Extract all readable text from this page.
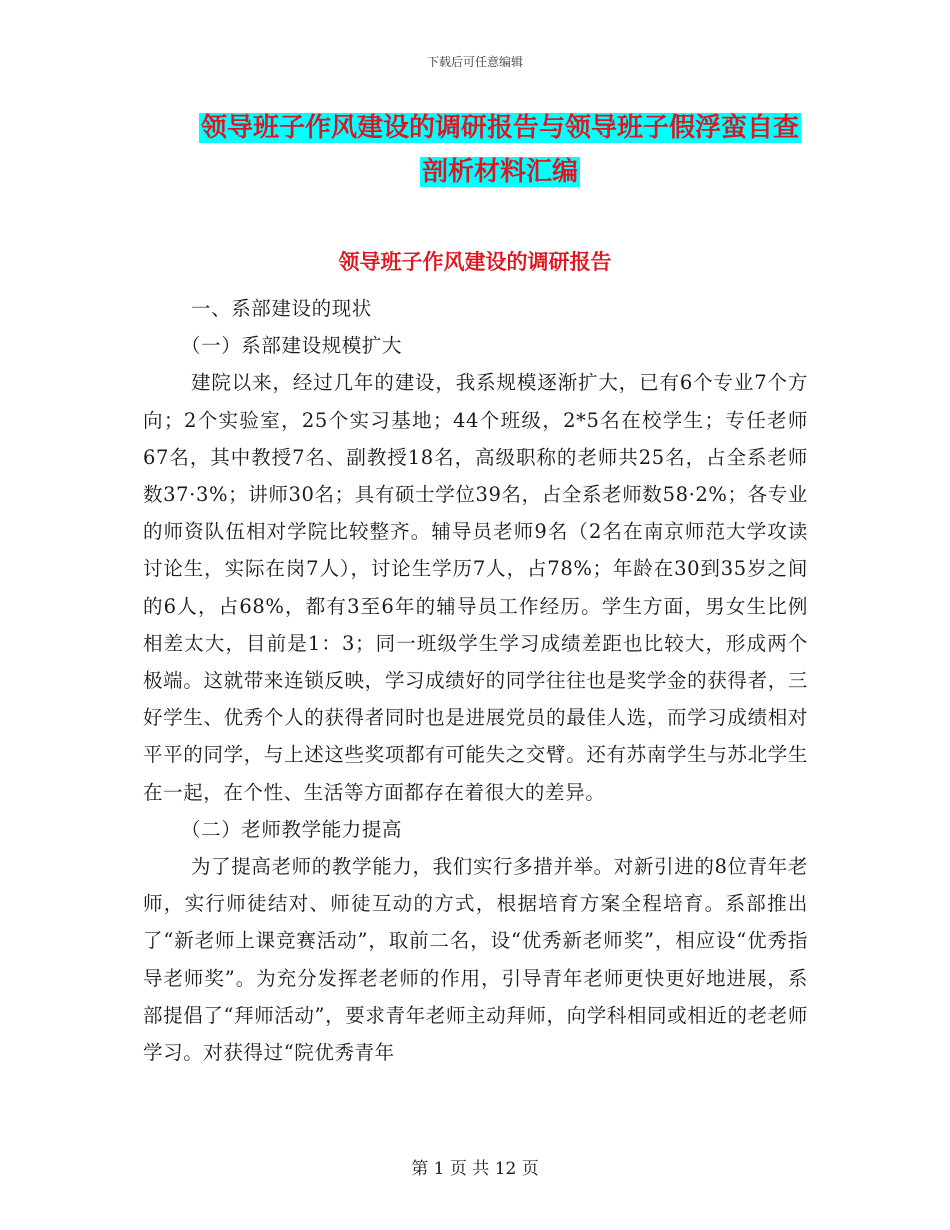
下载后可任意编辑
领导班子作风建设的调研报告与领导班子假浮蛮自查
剖析材料汇编
领导班子作风建设的调研报告

一、系部建设的现状

（一）系部建设规模扩大

建院以来，经过几年的建设，我系规模逐渐扩大，已有6个专业7个方向；2个实验室，25个实习基地；44个班级，2*5名在校学生；专任老师67名，其中教授7名、副教授18名，高级职称的老师共25名，占全系老师数37·3%；讲师30名；具有硕士学位39名，占全系老师数58·2%；各专业的师资队伍相对学院比较整齐。辅导员老师9名（2名在南京师范大学攻读讨论生，实际在岗7人），讨论生学历7人，占78%；年龄在30到35岁之间的6人，占68%，都有3至6年的辅导员工作经历。学生方面，男女生比例相差太大，目前是1：3；同一班级学生学习成绩差距也比较大，形成两个极端。这就带来连锁反映，学习成绩好的同学往往也是奖学金的获得者，三好学生、优秀个人的获得者同时也是进展党员的最佳人选，而学习成绩相对平平的同学，与上述这些奖项都有可能失之交臂。还有苏南学生与苏北学生在一起，在个性、生活等方面都存在着很大的差异。

（二）老师教学能力提高

为了提高老师的教学能力，我们实行多措并举。对新引进的8位青年老师，实行师徒结对、师徒互动的方式，根据培育方案全程培育。系部推出了“新老师上课竞赛活动”，取前二名，设“优秀新老师奖”，相应设“优秀指导老师奖”。为充分发挥老老师的作用，引导青年老师更快更好地进展，系部提倡了“拜师活动”，要求青年老师主动拜师，向学科相同或相近的老老师学习。对获得过“院优秀青年

第 1 页 共 12 页
